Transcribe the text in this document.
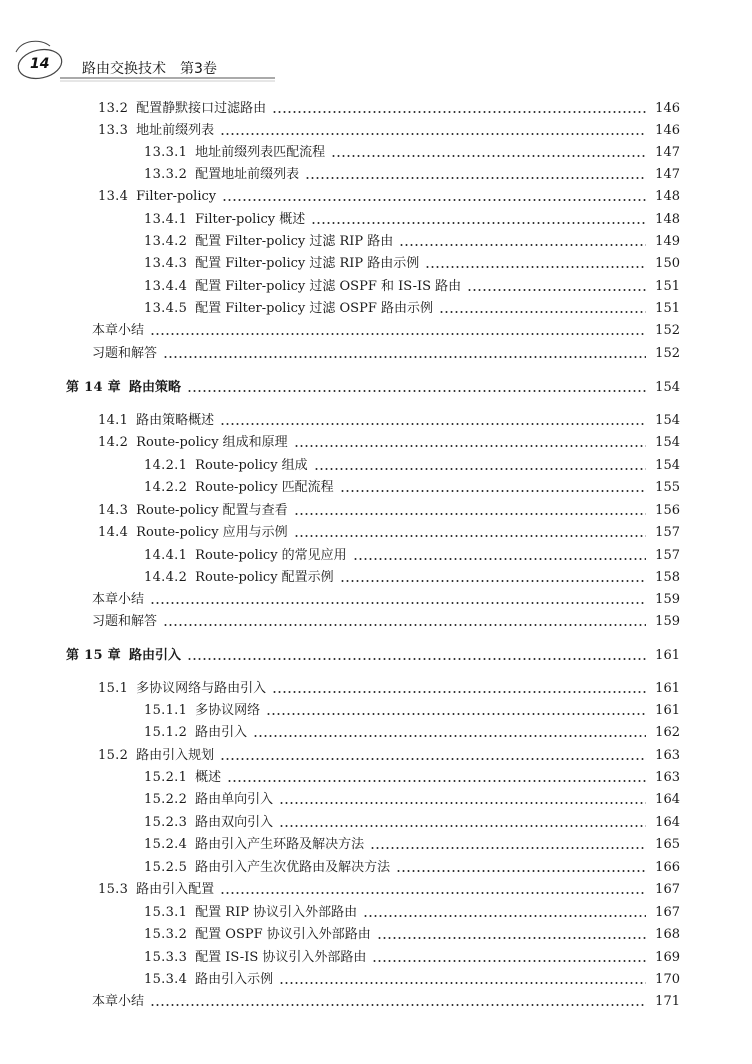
14 路由交换技术 第3卷
13.2 配置静默接口过滤路由	146
13.3 地址前缀列表	146
13.3.1 地址前缀列表匹配流程	147
13.3.2 配置地址前缀列表	147
13.4 Filter-policy	148
13.4.1 Filter-policy 概述	148
13.4.2 配置 Filter-policy 过滤 RIP 路由	149
13.4.3 配置 Filter-policy 过滤 RIP 路由示例	150
13.4.4 配置 Filter-policy 过滤 OSPF 和 IS-IS 路由	151
13.4.5 配置 Filter-policy 过滤 OSPF 路由示例	151
本章小结	152
习题和解答	152
第 14 章 路由策略	154
14.1 路由策略概述	154
14.2 Route-policy 组成和原理	154
14.2.1 Route-policy 组成	154
14.2.2 Route-policy 匹配流程	155
14.3 Route-policy 配置与查看	156
14.4 Route-policy 应用与示例	157
14.4.1 Route-policy 的常见应用	157
14.4.2 Route-policy 配置示例	158
本章小结	159
习题和解答	159
第 15 章 路由引入	161
15.1 多协议网络与路由引入	161
15.1.1 多协议网络	161
15.1.2 路由引入	162
15.2 路由引入规划	163
15.2.1 概述	163
15.2.2 路由单向引入	164
15.2.3 路由双向引入	164
15.2.4 路由引入产生环路及解决方法	165
15.2.5 路由引入产生次优路由及解决方法	166
15.3 路由引入配置	167
15.3.1 配置 RIP 协议引入外部路由	167
15.3.2 配置 OSPF 协议引入外部路由	168
15.3.3 配置 IS-IS 协议引入外部路由	169
15.3.4 路由引入示例	170
本章小结	171
